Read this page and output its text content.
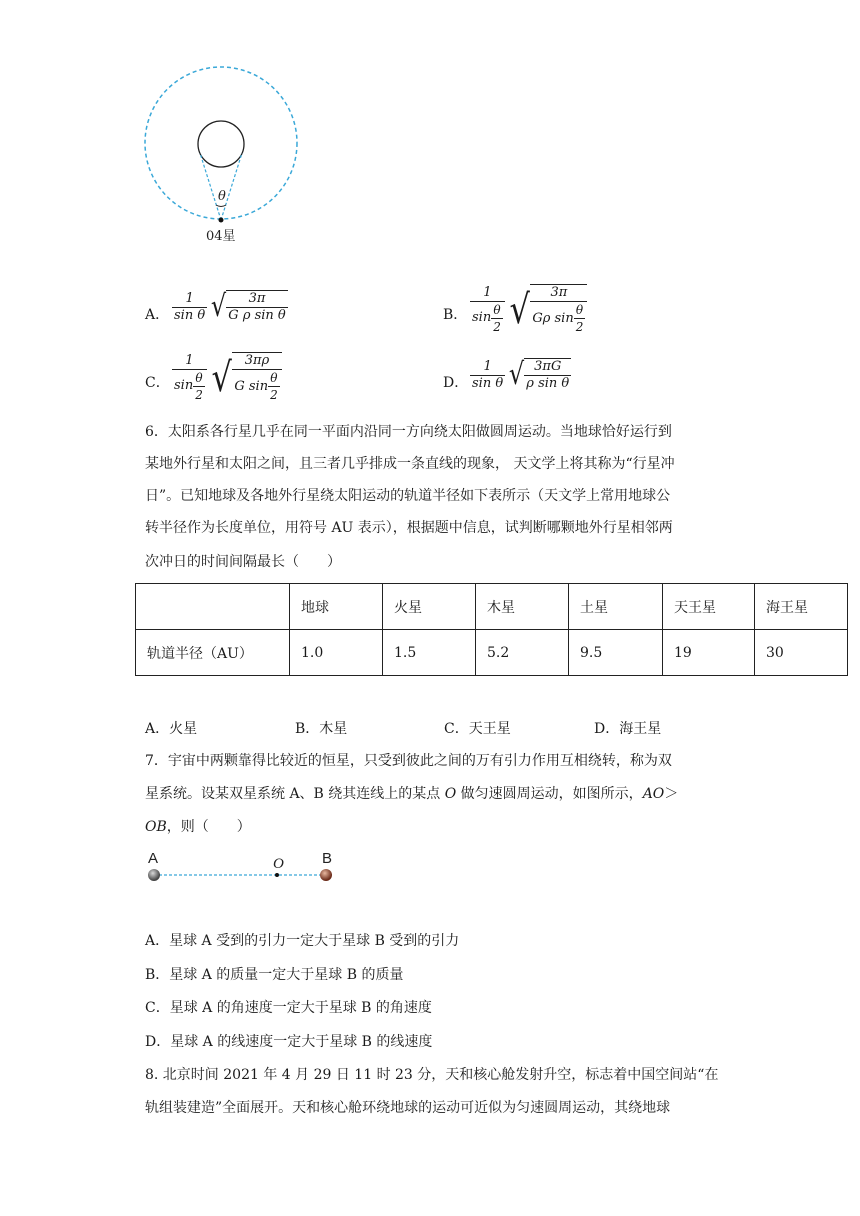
θ
04星
A． $\frac{1}{\text{sin θ}}$ √ $\frac{3\pi}{\text{G ρ sin θ}}$	B． $\frac{1}{\sin \frac{\theta}{2}}$ √ $\frac{3\pi}{G\rho \sin \frac{\theta}{2}}$
C． $\frac{1}{\sin \frac{\theta}{2}}$ √ $\frac{3\pi\rho}{G \sin \frac{\theta}{2}}$	D． $\frac{1}{\text{sin θ}}$ √ $\frac{3\pi G}{\text{ρ sin θ}}$
6．太阳系各行星几乎在同一平面内沿同一方向绕太阳做圆周运动。当地球恰好运行到
某地外行星和太阳之间，且三者几乎排成一条直线的现象， 天文学上将其称为“行星冲
日”。已知地球及各地外行星绕太阳运动的轨道半径如下表所示（天文学上常用地球公
转半径作为长度单位，用符号 AU 表示），根据题中信息，试判断哪颗地外行星相邻两
次冲日的时间间隔最长（　　）
	地球	火星	木星	土星	天王星	海王星
轨道半径（AU）	1.0	1.5	5.2	9.5	19	30
A．火星	B．木星	C．天王星	D．海王星
7．宇宙中两颗靠得比较近的恒星，只受到彼此之间的万有引力作用互相绕转，称为双
星系统。设某双星系统 A、B 绕其连线上的某点 O 做匀速圆周运动，如图所示，AO＞
OB，则（　　）
A	O	B
A．星球 A 受到的引力一定大于星球 B 受到的引力
B．星球 A 的质量一定大于星球 B 的质量
C．星球 A 的角速度一定大于星球 B 的角速度
D．星球 A 的线速度一定大于星球 B 的线速度
8. 北京时间 2021 年 4 月 29 日 11 时 23 分，天和核心舱发射升空，标志着中国空间站“在
轨组装建造”全面展开。天和核心舱环绕地球的运动可近似为匀速圆周运动，其绕地球
